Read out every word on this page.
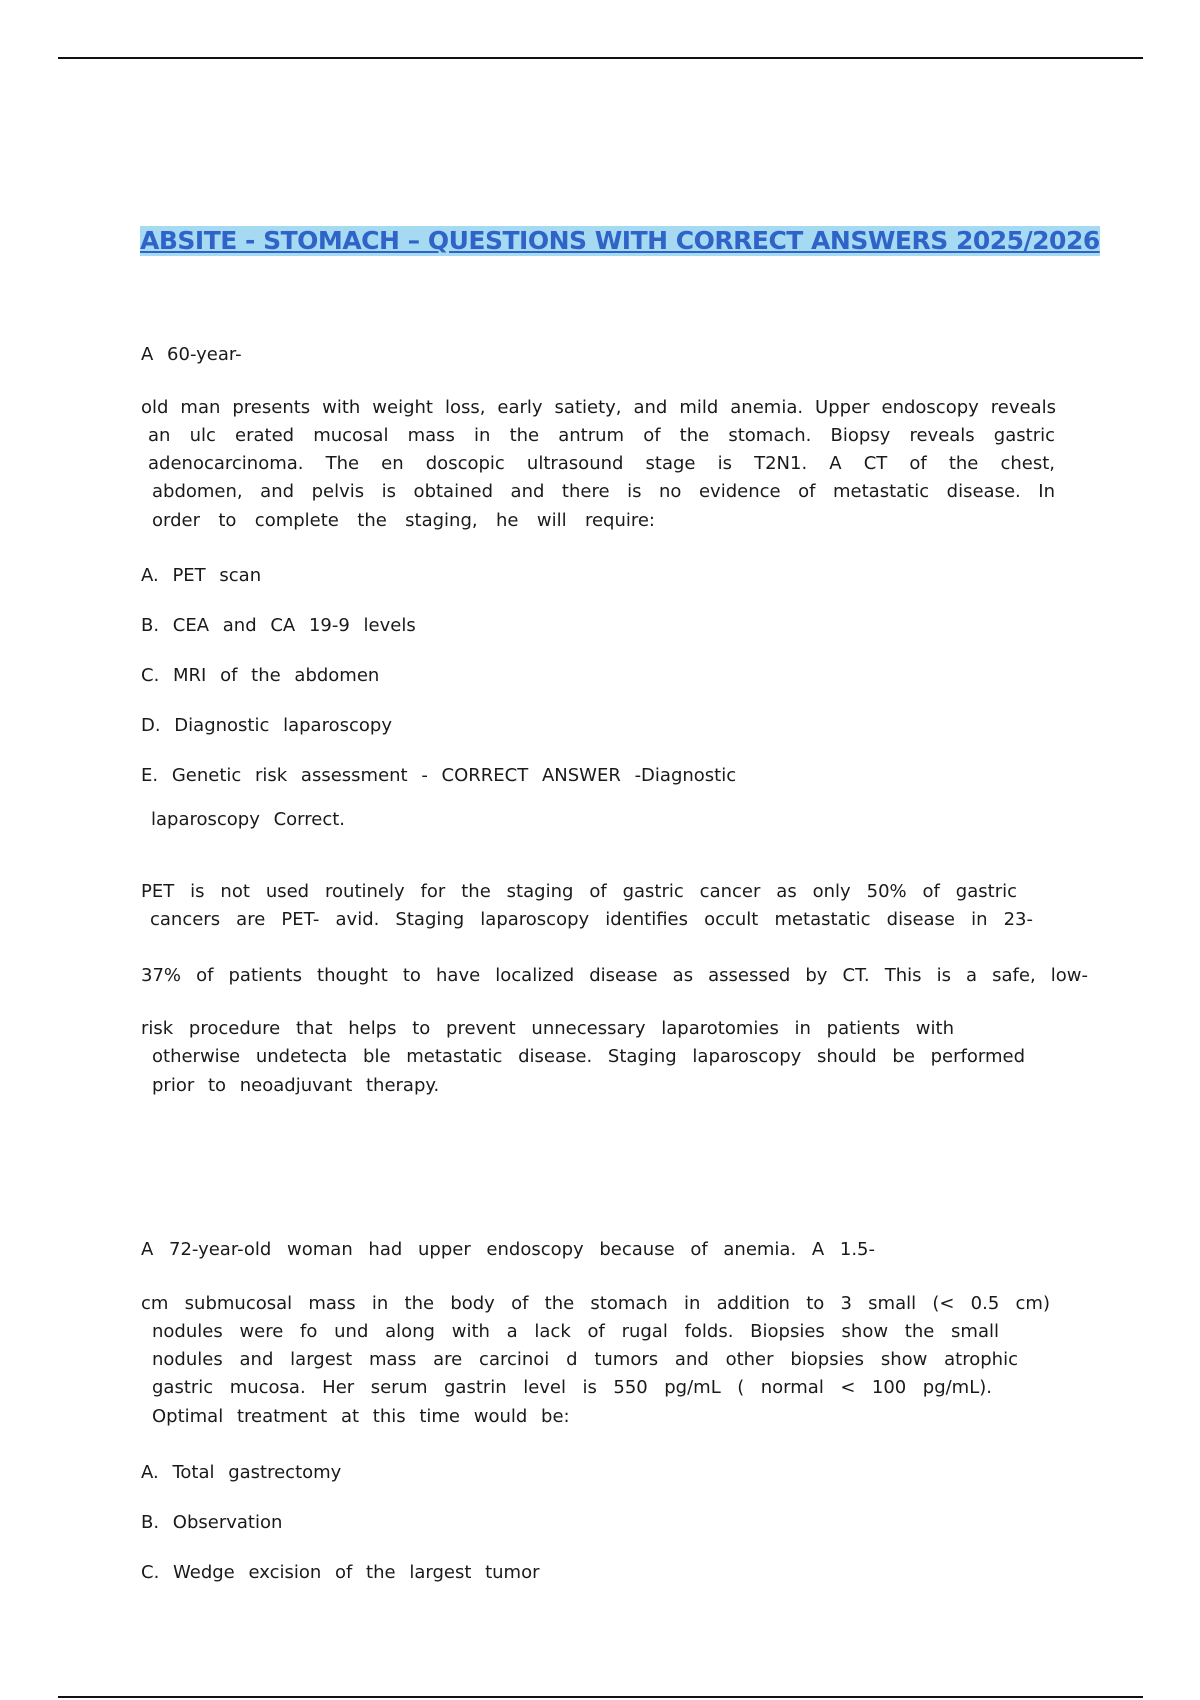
ABSITE - STOMACH – QUESTIONS WITH CORRECT ANSWERS 2025/2026

A 60-year-

old man presents with weight loss, early satiety, and mild anemia. Upper endoscopy reveals

an ulc erated mucosal mass in the antrum of the stomach. Biopsy reveals gastric

adenocarcinoma. The en doscopic ultrasound stage is T2N1. A CT of the chest,

abdomen, and pelvis is obtained and there is no evidence of metastatic disease. In

order to complete the staging, he will require:

A. PET scan

B. CEA and CA 19-9 levels

C. MRI of the abdomen

D. Diagnostic laparoscopy

E. Genetic risk assessment - CORRECT ANSWER -Diagnostic

laparoscopy Correct.

PET is not used routinely for the staging of gastric cancer as only 50% of gastric

cancers are PET- avid. Staging laparoscopy identifies occult metastatic disease in 23-

37% of patients thought to have localized disease as assessed by CT. This is a safe, low-

risk procedure that helps to prevent unnecessary laparotomies in patients with

otherwise undetecta ble metastatic disease. Staging laparoscopy should be performed

prior to neoadjuvant therapy.

A 72-year-old woman had upper endoscopy because of anemia. A 1.5-

cm submucosal mass in the body of the stomach in addition to 3 small (< 0.5 cm)

nodules were fo und along with a lack of rugal folds. Biopsies show the small

nodules and largest mass are carcinoi d tumors and other biopsies show atrophic

gastric mucosa. Her serum gastrin level is 550 pg/mL ( normal < 100 pg/mL).

Optimal treatment at this time would be:

A. Total gastrectomy

B. Observation

C. Wedge excision of the largest tumor
